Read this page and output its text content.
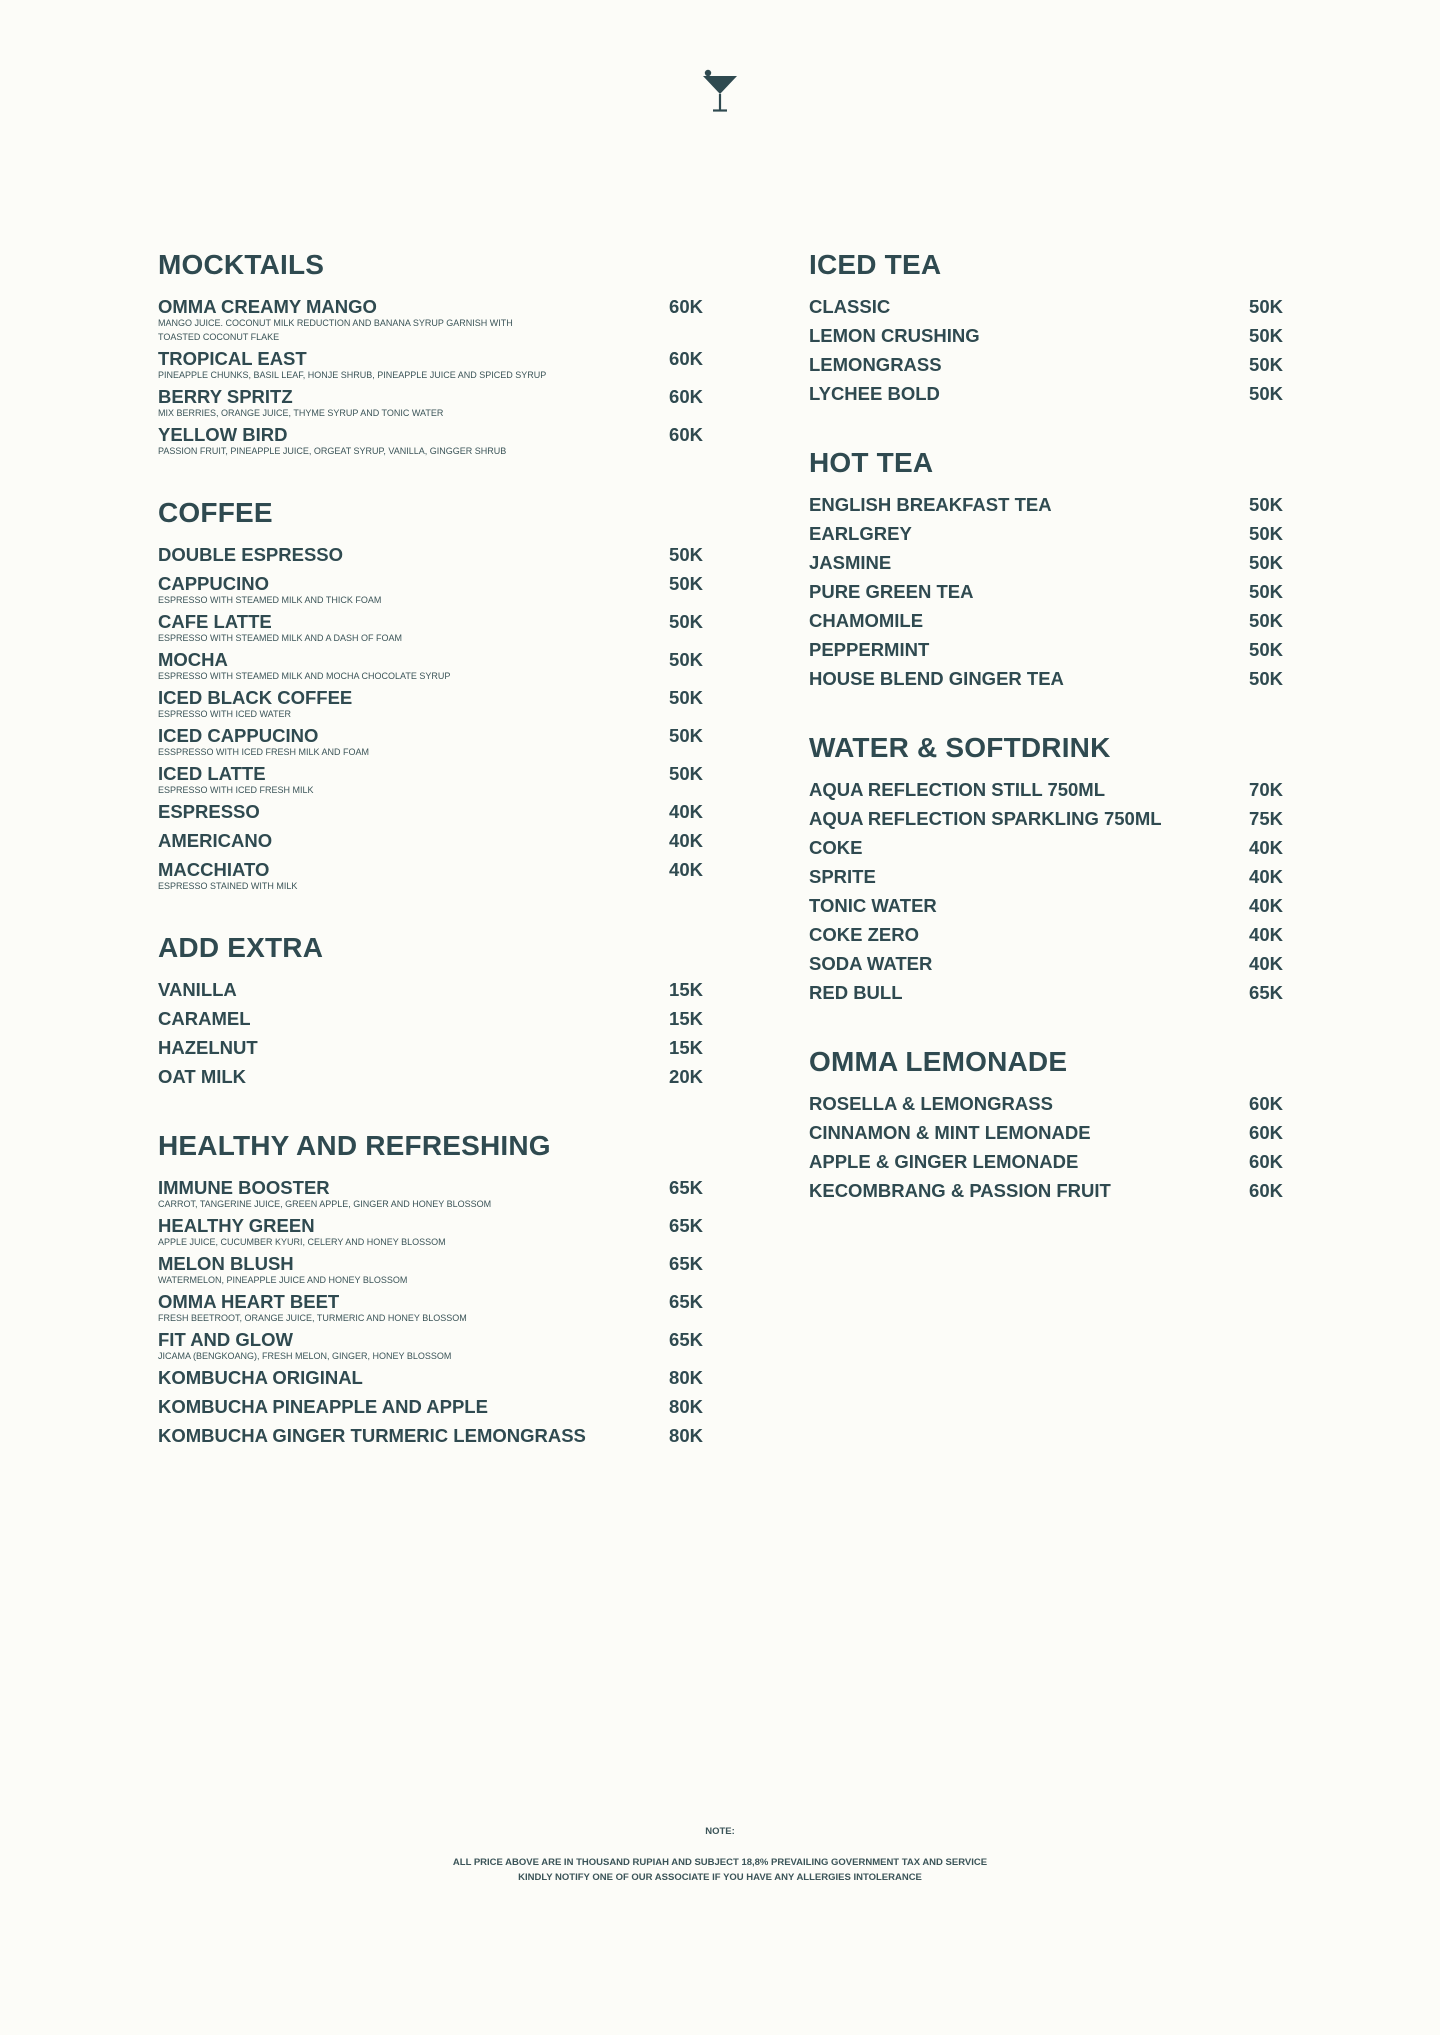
MOCKTAILS
OMMA CREAMY MANGO	60K
MANGO JUICE. COCONUT MILK REDUCTION AND BANANA SYRUP GARNISH WITH TOASTED COCONUT FLAKE
TROPICAL EAST	60K
PINEAPPLE CHUNKS, BASIL LEAF, HONJE SHRUB, PINEAPPLE JUICE AND SPICED SYRUP
BERRY SPRITZ	60K
MIX BERRIES, ORANGE JUICE, THYME SYRUP AND TONIC WATER
YELLOW BIRD	60K
PASSION FRUIT, PINEAPPLE JUICE, ORGEAT SYRUP, VANILLA, GINGGER SHRUB
COFFEE
DOUBLE ESPRESSO	50K
CAPPUCINO	50K
ESPRESSO WITH STEAMED MILK AND THICK FOAM
CAFE LATTE	50K
ESPRESSO WITH STEAMED MILK AND A DASH OF FOAM
MOCHA	50K
ESPRESSO WITH STEAMED MILK AND MOCHA CHOCOLATE SYRUP
ICED BLACK COFFEE	50K
ESPRESSO WITH ICED WATER
ICED CAPPUCINO	50K
ESSPRESSO WITH ICED FRESH MILK AND FOAM
ICED LATTE	50K
ESPRESSO WITH ICED FRESH MILK
ESPRESSO	40K
AMERICANO	40K
MACCHIATO	40K
ESPRESSO STAINED WITH MILK
ADD EXTRA
VANILLA	15K
CARAMEL	15K
HAZELNUT	15K
OAT MILK	20K
HEALTHY AND REFRESHING
IMMUNE BOOSTER	65K
CARROT, TANGERINE JUICE, GREEN APPLE, GINGER AND HONEY BLOSSOM
HEALTHY GREEN	65K
APPLE JUICE, CUCUMBER KYURI, CELERY AND HONEY BLOSSOM
MELON BLUSH	65K
WATERMELON, PINEAPPLE JUICE AND HONEY BLOSSOM
OMMA HEART BEET	65K
FRESH BEETROOT, ORANGE JUICE, TURMERIC AND HONEY BLOSSOM
FIT AND GLOW	65K
JICAMA (BENGKOANG), FRESH MELON, GINGER, HONEY BLOSSOM
KOMBUCHA ORIGINAL	80K
KOMBUCHA PINEAPPLE AND APPLE	80K
KOMBUCHA GINGER TURMERIC LEMONGRASS	80K
ICED TEA
CLASSIC	50K
LEMON CRUSHING	50K
LEMONGRASS	50K
LYCHEE BOLD	50K
HOT TEA
ENGLISH BREAKFAST TEA	50K
EARLGREY	50K
JASMINE	50K
PURE GREEN TEA	50K
CHAMOMILE	50K
PEPPERMINT	50K
HOUSE BLEND GINGER TEA	50K
WATER & SOFTDRINK
AQUA REFLECTION STILL 750ML	70K
AQUA REFLECTION SPARKLING 750ML	75K
COKE	40K
SPRITE	40K
TONIC WATER	40K
COKE ZERO	40K
SODA WATER	40K
RED BULL	65K
OMMA LEMONADE
ROSELLA & LEMONGRASS	60K
CINNAMON & MINT LEMONADE	60K
APPLE & GINGER LEMONADE	60K
KECOMBRANG & PASSION FRUIT	60K
NOTE:
ALL PRICE ABOVE ARE IN THOUSAND RUPIAH AND SUBJECT 18,8% PREVAILING GOVERNMENT TAX AND SERVICE
KINDLY NOTIFY ONE OF OUR ASSOCIATE IF YOU HAVE ANY ALLERGIES INTOLERANCE
